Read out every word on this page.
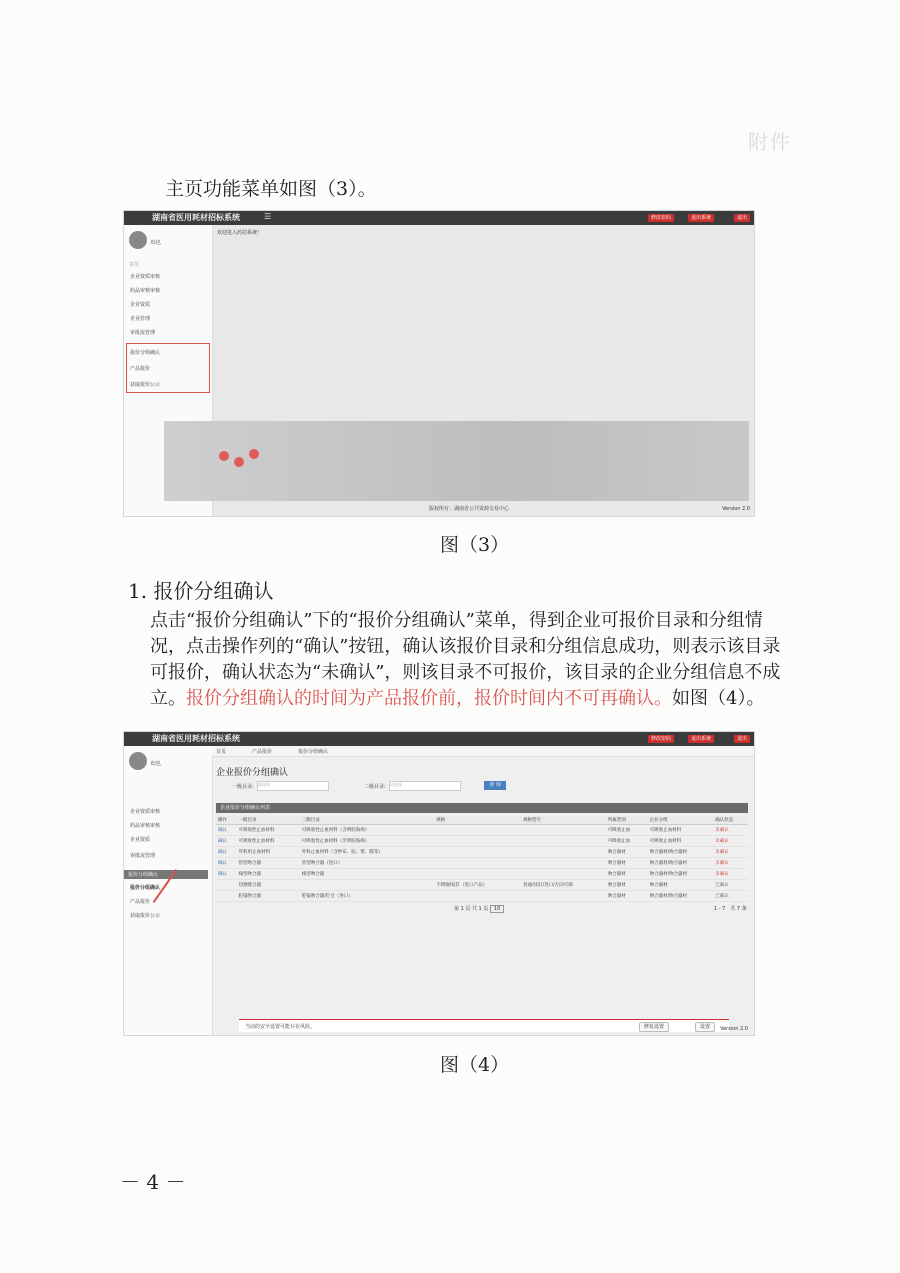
附件

主页功能菜单如图（3）。
湖南省医用耗材招标系统	☰	修改密码	退出系统	退出
欢迎，
菜单
企业资质审核
药品审核审核
企业资质
企业管理
审批流管理
报价分组确认
产品报价
获取报价公示
欢迎进入药招系统！
版权所有：湖南省公共资源交易中心	Version 2.0
图（3）
1. 报价分组确认
点击“报价分组确认”下的“报价分组确认”菜单，得到企业可报价目录和分组情况，点击操作列的“确认”按钮，确认该报价目录和分组信息成功，则表示该目录可报价，确认状态为“未确认”，则该目录不可报价，该目录的企业分组信息不成立。报价分组确认的时间为产品报价前，报价时间内不可再确认。如图（4）。
湖南省医用耗材招标系统	修改密码	退出系统	退出
欢迎，
企业资质审核
药品审核审核
企业资质
审批流管理
报价分组确认
报价分组确认
产品报价
获取报价公示
首页	产品报价	报价分组确认
企业报价分组确认
一级目录: 请选择	二级目录: 请选择	查 询
企业报价分组确认列表
操作	一级目录	二级目录	规格	规格型号	所属类别	企业分组	确认状态
确认	可吸收性止血材料	可吸收性止血材料（含明胶海绵）			可吸收止血	可吸收止血材料	未确认
确认	可吸收性止血材料	可吸收性止血材料（非明胶海绵）			可吸收止血	可吸收止血材料	未确认
确认	外科用止血材料	外科止血材料（含纱布、胶、带、膜等）			吻合器材	吻合器材/吻合器材	未确认
确认	管型吻合器	管型吻合器（进口）			吻合器材	吻合器材/吻合器材	未确认
确认	线型吻合器	线型吻合器			吻合器材	吻合器材/吻合器材	未确认
	切割缝合器		不锈钢/钛钉（进口产品）	普通/钛钉/进口/万向可调	吻合器材	吻合器材	已确认
	腔镜吻合器	腔镜吻合器/钉仓（进口）			吻合器材	吻合器材/吻合器材	已确认
第 1 页 共 1 页 10	1 - 7　共 7 条
当前的安全设置可能存在风险。	修复设置	设置	Version 2.0
图（4）
－ 4 －
